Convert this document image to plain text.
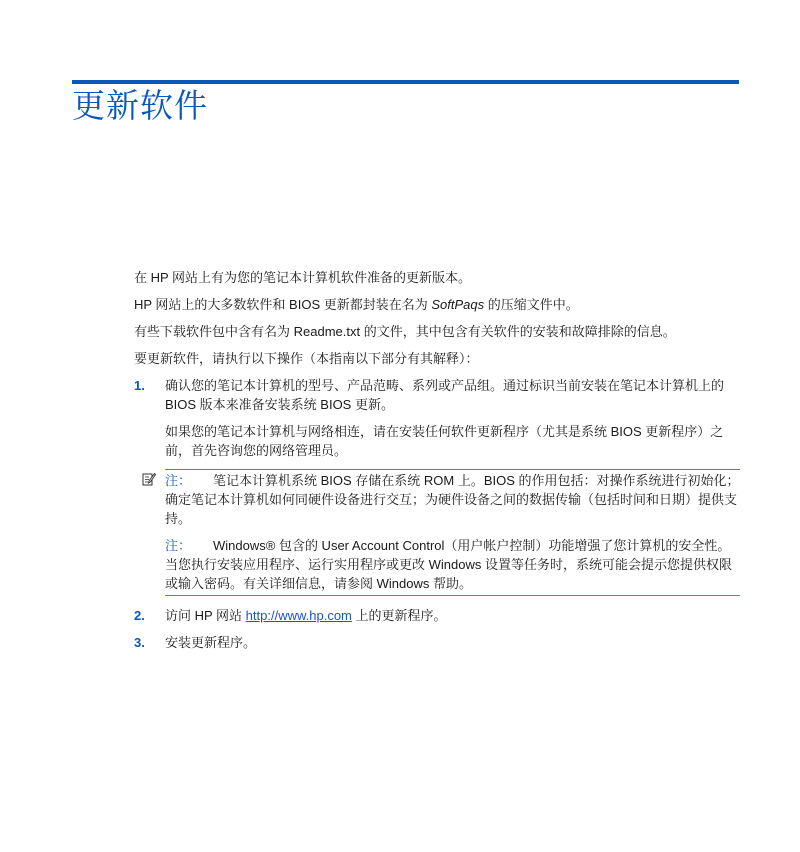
更新软件

在 HP 网站上有为您的笔记本计算机软件准备的更新版本。

HP 网站上的大多数软件和 BIOS 更新都封装在名为 SoftPaqs 的压缩文件中。

有些下载软件包中含有名为 Readme.txt 的文件，其中包含有关软件的安装和故障排除的信息。

要更新软件，请执行以下操作（本指南以下部分有其解释）：

1. 确认您的笔记本计算机的型号、产品范畴、系列或产品组。通过标识当前安装在笔记本计算机上的 BIOS 版本来准备安装系统 BIOS 更新。
如果您的笔记本计算机与网络相连，请在安装任何软件更新程序（尤其是系统 BIOS 更新程序）之前，首先咨询您的网络管理员。

注： 笔记本计算机系统 BIOS 存储在系统 ROM 上。BIOS 的作用包括：对操作系统进行初始化；确定笔记本计算机如何同硬件设备进行交互；为硬件设备之间的数据传输（包括时间和日期）提供支持。

注： Windows® 包含的 User Account Control（用户帐户控制）功能增强了您计算机的安全性。当您执行安装应用程序、运行实用程序或更改 Windows 设置等任务时，系统可能会提示您提供权限或输入密码。有关详细信息，请参阅 Windows 帮助。

2. 访问 HP 网站 http://www.hp.com 上的更新程序。
3. 安装更新程序。
